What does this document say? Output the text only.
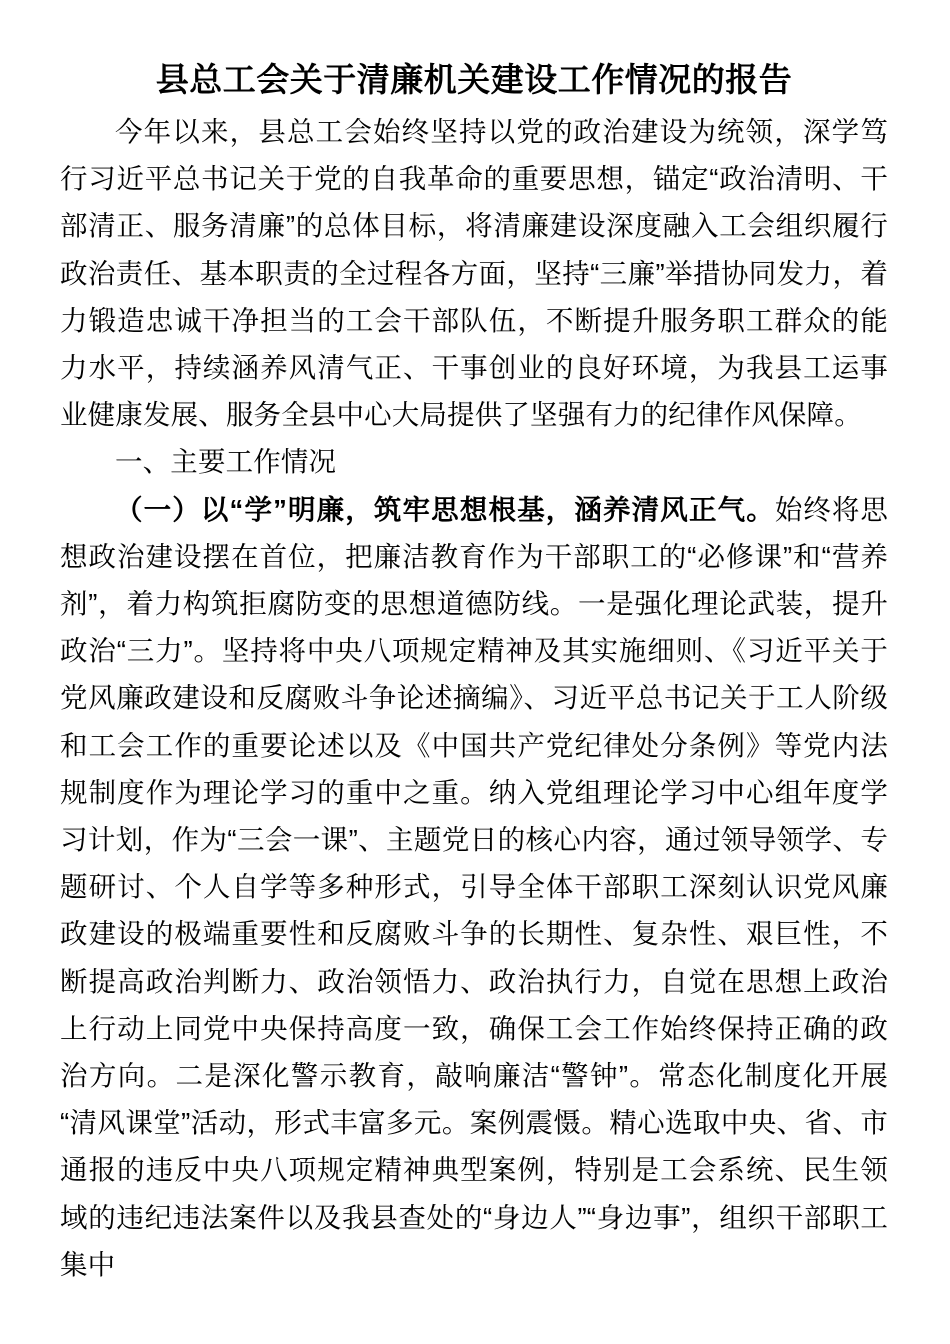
县总工会关于清廉机关建设工作情况的报告

今年以来，县总工会始终坚持以党的政治建设为统领，深学笃行习近平总书记关于党的自我革命的重要思想，锚定“政治清明、干部清正、服务清廉”的总体目标，将清廉建设深度融入工会组织履行政治责任、基本职责的全过程各方面，坚持“三廉”举措协同发力，着力锻造忠诚干净担当的工会干部队伍，不断提升服务职工群众的能力水平，持续涵养风清气正、干事创业的良好环境，为我县工运事业健康发展、服务全县中心大局提供了坚强有力的纪律作风保障。

一、主要工作情况

（一）以“学”明廉，筑牢思想根基，涵养清风正气。始终将思想政治建设摆在首位，把廉洁教育作为干部职工的“必修课”和“营养剂”，着力构筑拒腐防变的思想道德防线。一是强化理论武装，提升政治“三力”。坚持将中央八项规定精神及其实施细则、《习近平关于党风廉政建设和反腐败斗争论述摘编》、习近平总书记关于工人阶级和工会工作的重要论述以及《中国共产党纪律处分条例》等党内法规制度作为理论学习的重中之重。纳入党组理论学习中心组年度学习计划，作为“三会一课”、主题党日的核心内容，通过领导领学、专题研讨、个人自学等多种形式，引导全体干部职工深刻认识党风廉政建设的极端重要性和反腐败斗争的长期性、复杂性、艰巨性，不断提高政治判断力、政治领悟力、政治执行力，自觉在思想上政治上行动上同党中央保持高度一致，确保工会工作始终保持正确的政治方向。二是深化警示教育，敲响廉洁“警钟”。常态化制度化开展“清风课堂”活动，形式丰富多元。案例震慑。精心选取中央、省、市通报的违反中央八项规定精神典型案例，特别是工会系统、民生领域的违纪违法案件以及我县查处的“身边人”“身边事”，组织干部职工集中
